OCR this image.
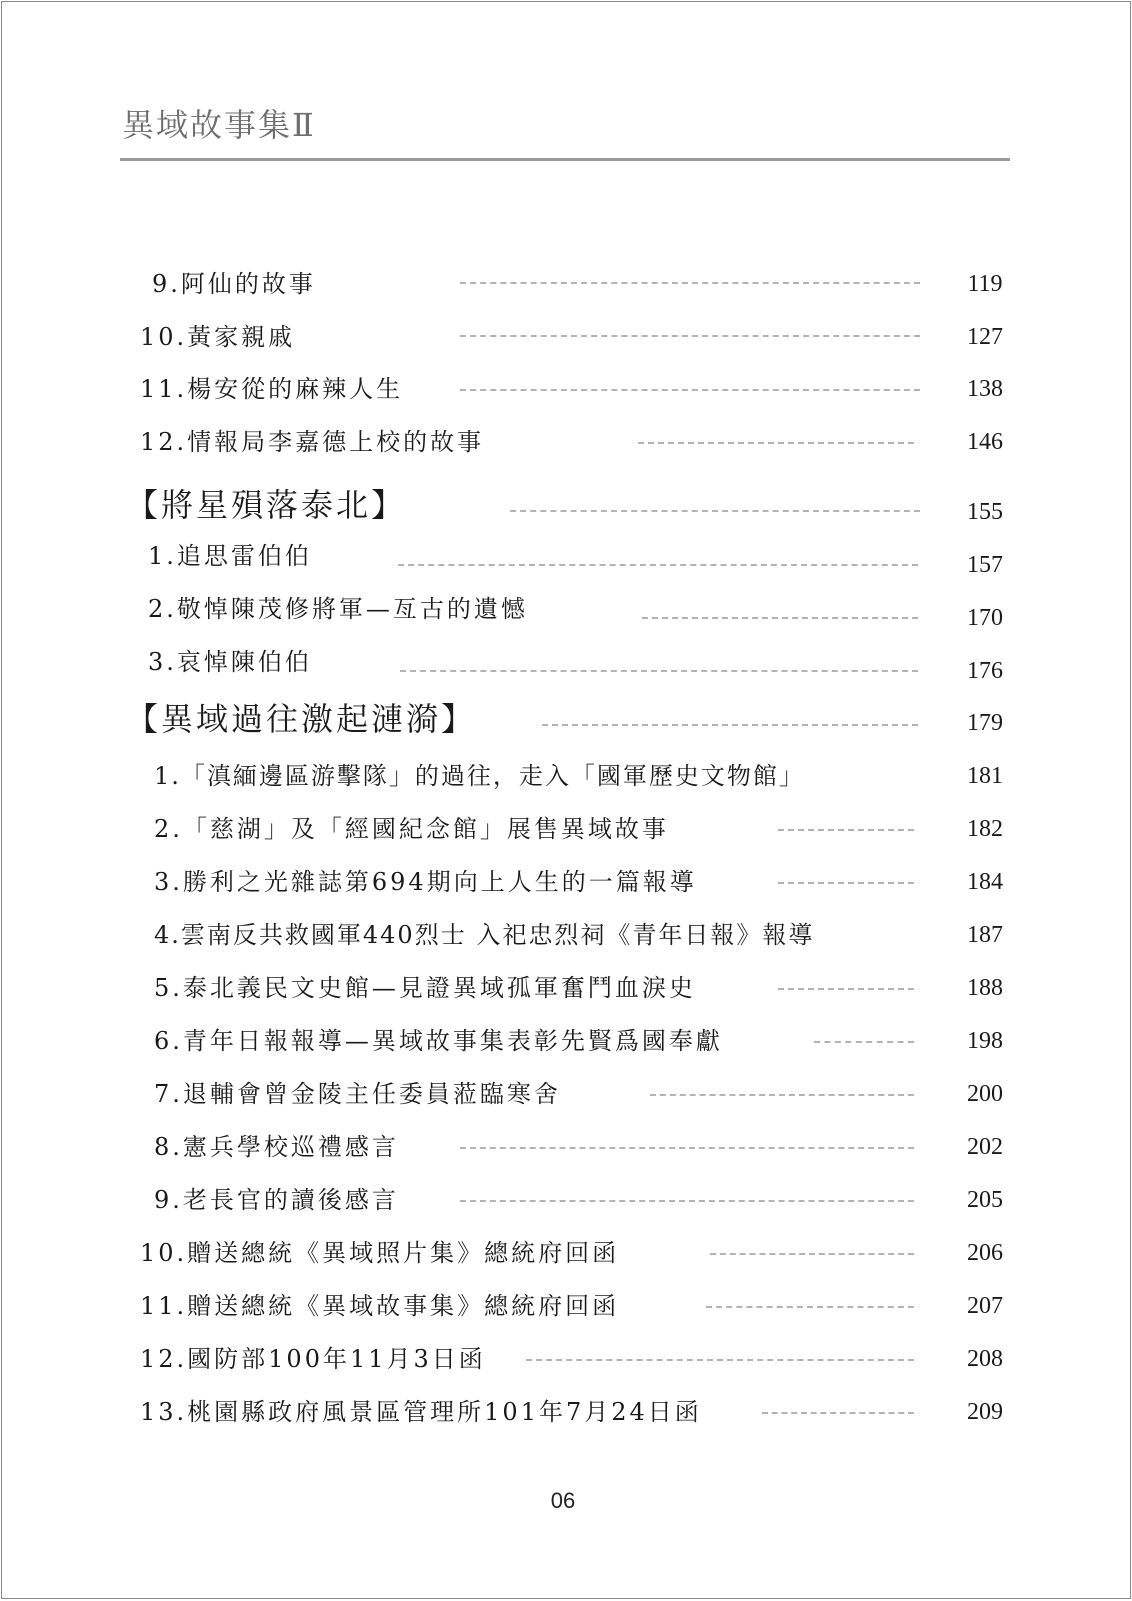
異域故事集Ⅱ
9.阿仙的故事	119
10.黃家親戚	127
11.楊安從的麻辣人生	138
12.情報局李嘉德上校的故事	146
【將星殞落泰北】	155
1.追思雷伯伯	157
2.敬悼陳茂修將軍—亙古的遺憾	170
3.哀悼陳伯伯	176
【異域過往激起漣漪】	179
1.「滇緬邊區游擊隊」的過往，走入「國軍歷史文物館」	181
2.「慈湖」及「經國紀念館」展售異域故事	182
3.勝利之光雜誌第694期向上人生的一篇報導	184
4.雲南反共救國軍440烈士 入祀忠烈祠《青年日報》報導	187
5.泰北義民文史館—見證異域孤軍奮鬥血淚史	188
6.青年日報報導—異域故事集表彰先賢爲國奉獻	198
7.退輔會曾金陵主任委員蒞臨寒舍	200
8.憲兵學校巡禮感言	202
9.老長官的讀後感言	205
10.贈送總統《異域照片集》總統府回函	206
11.贈送總統《異域故事集》總統府回函	207
12.國防部100年11月3日函	208
13.桃園縣政府風景區管理所101年7月24日函	209
06
